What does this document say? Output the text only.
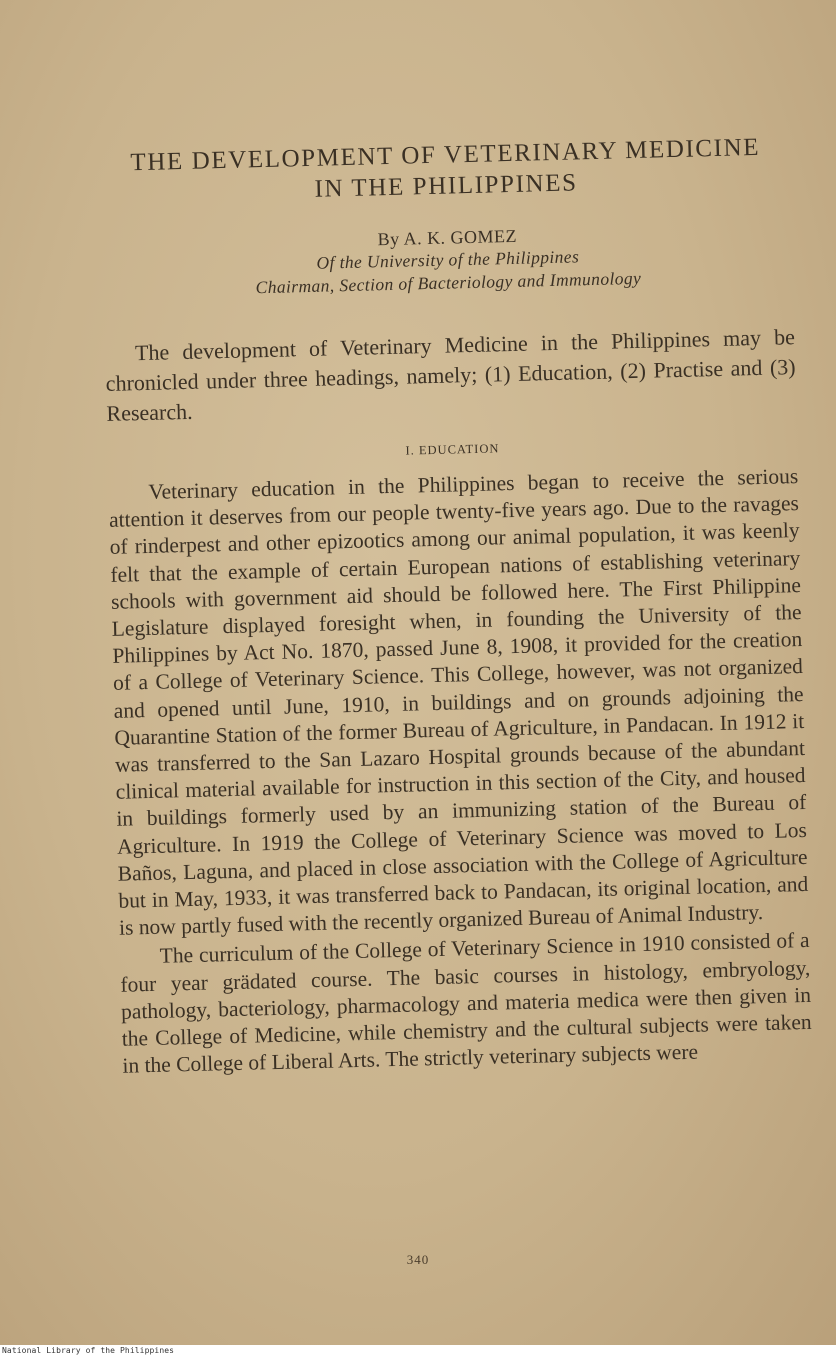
THE DEVELOPMENT OF VETERINARY MEDICINE
IN THE PHILIPPINES
By A. K. GOMEZ
Of the University of the Philippines
Chairman, Section of Bacteriology and Immunology

The development of Veterinary Medicine in the Philippines may be chronicled under three headings, namely; (1) Education, (2) Practise and (3) Research.

I. EDUCATION

Veterinary education in the Philippines began to receive the serious attention it deserves from our people twenty-five years ago. Due to the ravages of rinderpest and other epizootics among our animal population, it was keenly felt that the example of certain European nations of establishing veterinary schools with government aid should be followed here. The First Philippine Legislature displayed foresight when, in founding the University of the Philippines by Act No. 1870, passed June 8, 1908, it provided for the creation of a College of Veterinary Science. This College, however, was not organized and opened until June, 1910, in buildings and on grounds adjoining the Quarantine Station of the former Bureau of Agriculture, in Pandacan. In 1912 it was transferred to the San Lazaro Hospital grounds because of the abundant clinical material available for instruction in this section of the City, and housed in buildings formerly used by an immunizing station of the Bureau of Agriculture. In 1919 the College of Veterinary Science was moved to Los Baños, Laguna, and placed in close association with the College of Agriculture but in May, 1933, it was transferred back to Pandacan, its original location, and is now partly fused with the recently organized Bureau of Animal Industry.

The curriculum of the College of Veterinary Science in 1910 consisted of a four year grädated course. The basic courses in histology, embryology, pathology, bacteriology, pharmacology and materia medica were then given in the College of Medicine, while chemistry and the cultural subjects were taken in the College of Liberal Arts. The strictly veterinary subjects were

340
National Library of the Philippines
